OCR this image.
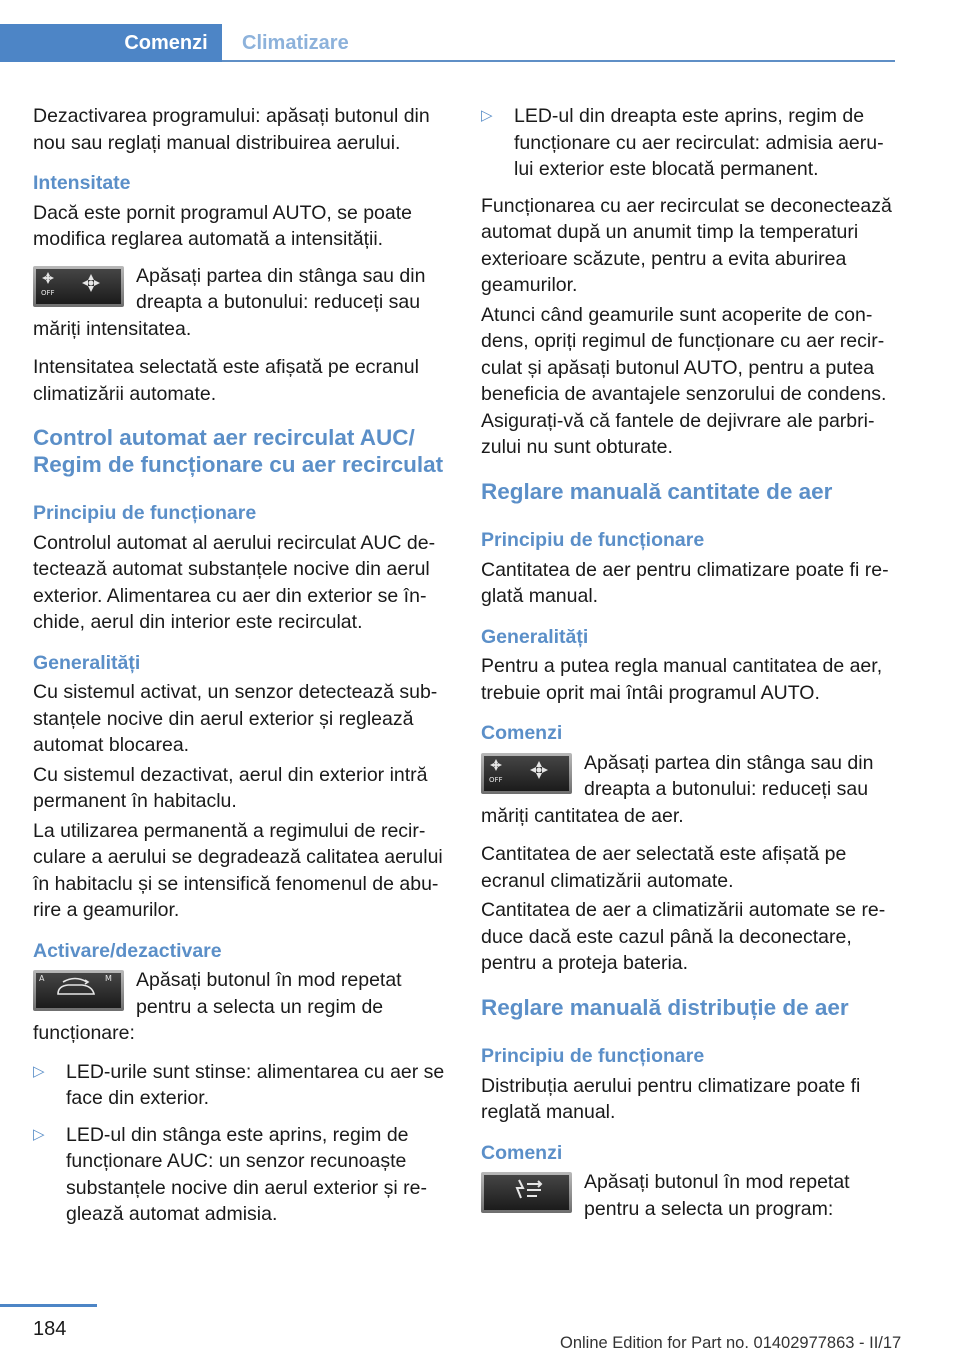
Comenzi	Climatizare

Dezactivarea programului: apăsați butonul din nou sau reglați manual distribuirea aerului.

Intensitate

Dacă este pornit programul AUTO, se poate modifica reglarea automată a intensității.

OFF
Apăsați partea din stânga sau din dreapta a butonului: reduceți sau măriți intensitatea.

Intensitatea selectată este afișată pe ecranul climatizării automate.

Control automat aer recirculat AUC/ Regim de funcționare cu aer recirculat
Principiu de funcționare

Controlul automat al aerului recirculat AUC detectează automat substanțele nocive din aerul exterior. Alimentarea cu aer din exterior se închide, aerul din interior este recirculat.

Generalități

Cu sistemul activat, un senzor detectează substanțele nocive din aerul exterior și reglează automat blocarea.

Cu sistemul dezactivat, aerul din exterior intră permanent în habitaclu.

La utilizarea permanentă a regimului de recirculare a aerului se degradează calitatea aerului în habitaclu și se intensifică fenomenul de aburire a geamurilor.

Activare/dezactivare
A	M Apăsați butonul în mod repetat pentru a selecta un regim de funcționare:
▷ LED-urile sunt stinse: alimentarea cu aer se face din exterior.
▷ LED-ul din stânga este aprins, regim de funcționare AUC: un senzor recunoaște substanțele nocive din aerul exterior și reglează automat admisia.
▷ LED-ul din dreapta este aprins, regim de funcționare cu aer recirculat: admisia aerului exterior este blocată permanent.

Funcționarea cu aer recirculat se deconectează automat după un anumit timp la temperaturi exterioare scăzute, pentru a evita aburirea geamurilor.

Atunci când geamurile sunt acoperite de condens, opriți regimul de funcționare cu aer recirculat și apăsați butonul AUTO, pentru a putea beneficia de avantajele senzorului de condens. Asigurați-vă că fantele de dejivrare ale parbrizului nu sunt obturate.

Reglare manuală cantitate de aer
Principiu de funcționare

Cantitatea de aer pentru climatizare poate fi reglată manual.

Generalități

Pentru a putea regla manual cantitatea de aer, trebuie oprit mai întâi programul AUTO.

Comenzi
OFF
Apăsați partea din stânga sau din dreapta a butonului: reduceți sau măriți cantitatea de aer.

Cantitatea de aer selectată este afișată pe ecranul climatizării automate.

Cantitatea de aer a climatizării automate se reduce dacă este cazul până la deconectare, pentru a proteja bateria.

Reglare manuală distribuție de aer
Principiu de funcționare

Distribuția aerului pentru climatizare poate fi reglată manual.

Comenzi
Apăsați butonul în mod repetat pentru a selecta un program:
184
Online Edition for Part no. 01402977863 - II/17
